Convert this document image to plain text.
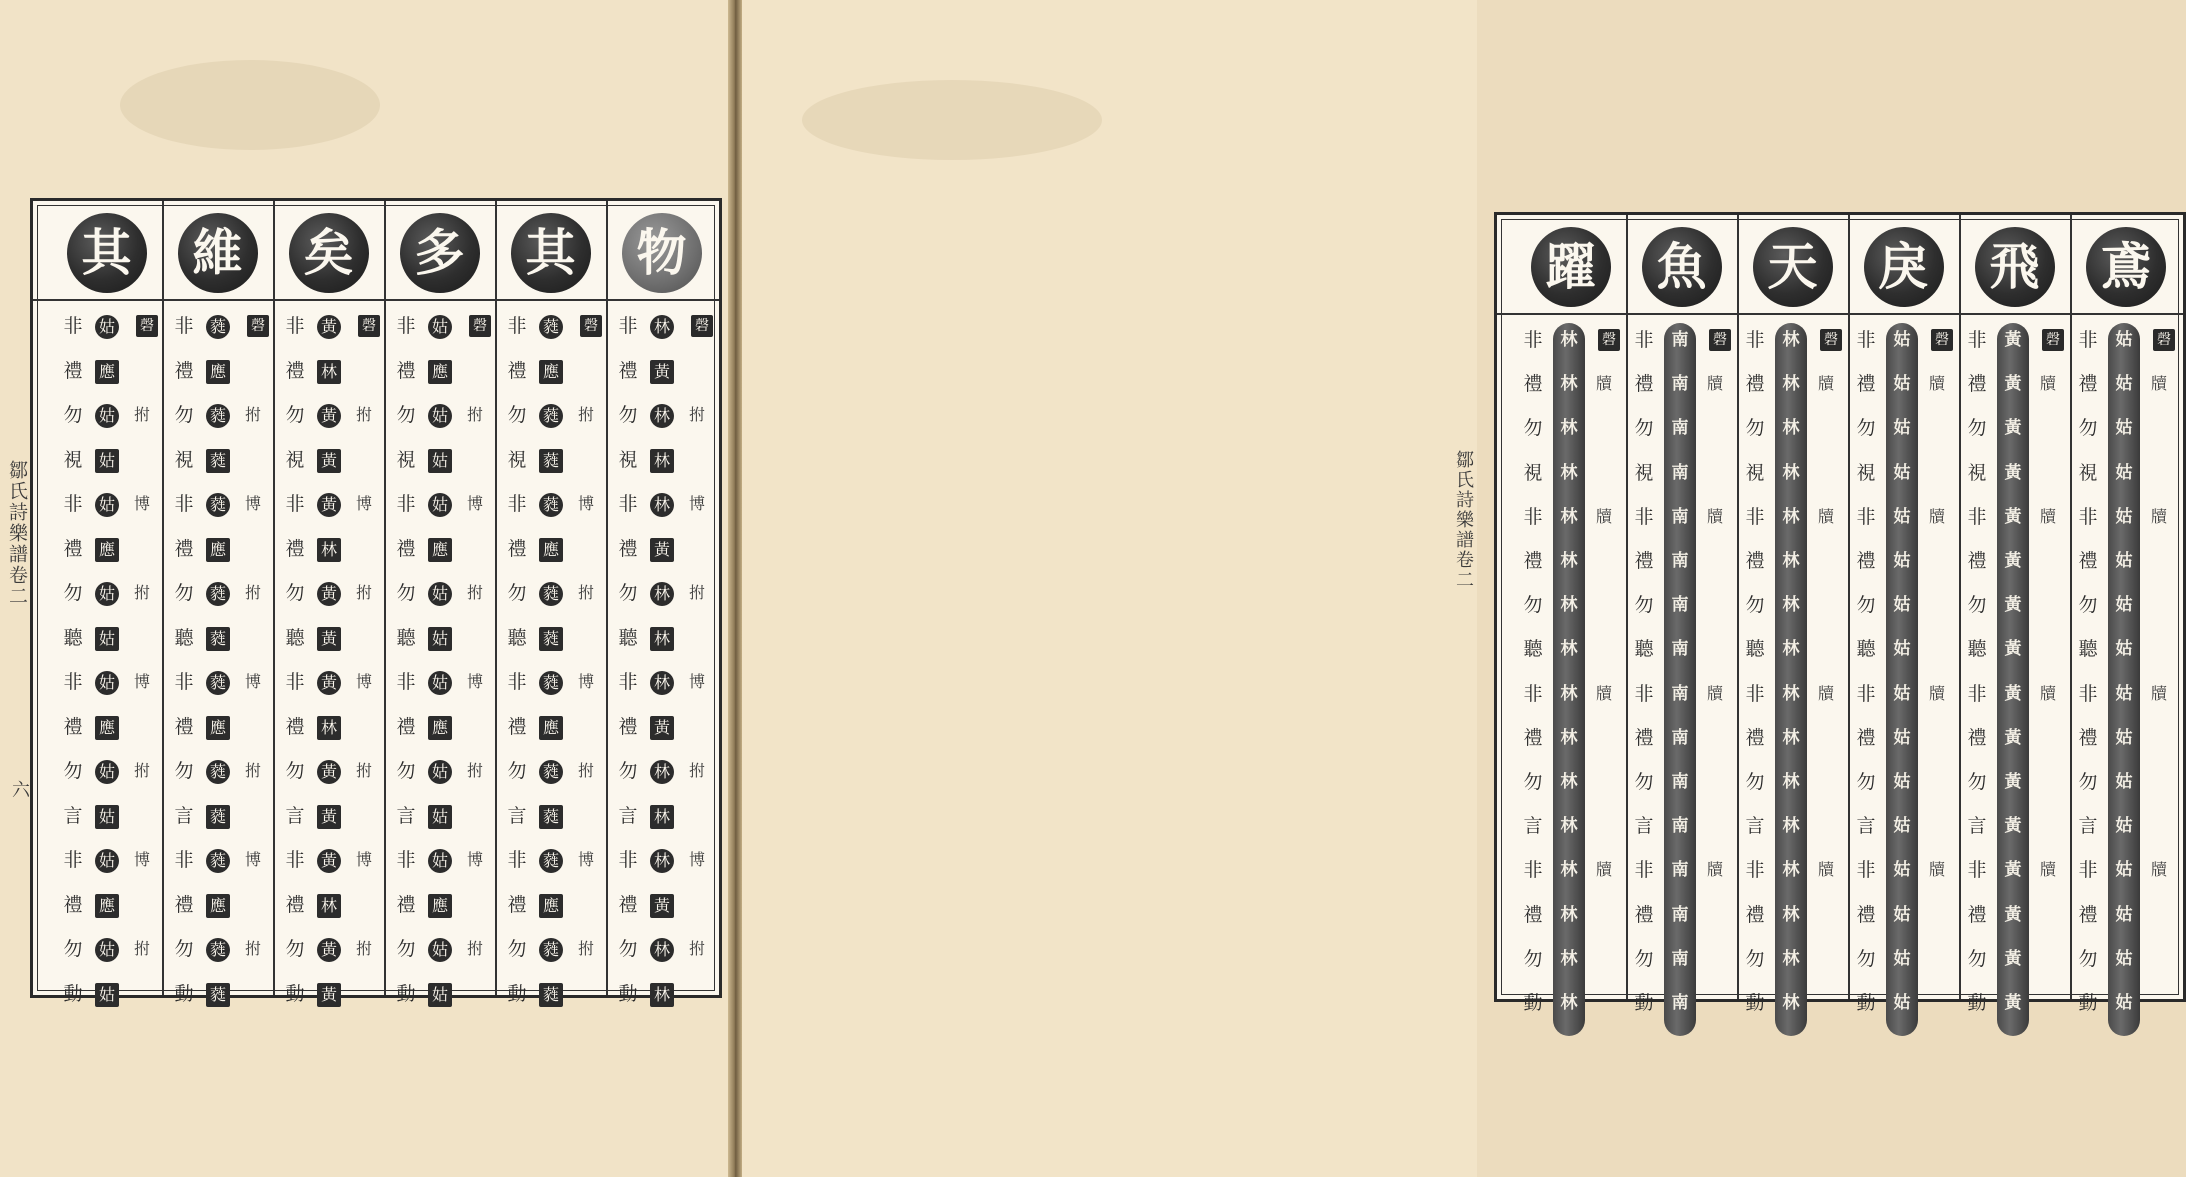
鄒氏詩樂譜卷二
六
物
磬
非
禮
勿
視
非
禮
勿
聽
非
禮
勿
言
非
禮
勿
動
林
黃
林
林
林
黃
林
林
林
黃
林
林
林
黃
林
林
拊
博
拊
博
拊
博
拊
其
磬
非
禮
勿
視
非
禮
勿
聽
非
禮
勿
言
非
禮
勿
動
蕤
應
蕤
蕤
蕤
應
蕤
蕤
蕤
應
蕤
蕤
蕤
應
蕤
蕤
拊
博
拊
博
拊
博
拊
多
磬
非
禮
勿
視
非
禮
勿
聽
非
禮
勿
言
非
禮
勿
動
姑
應
姑
姑
姑
應
姑
姑
姑
應
姑
姑
姑
應
姑
姑
拊
博
拊
博
拊
博
拊
矣
磬
非
禮
勿
視
非
禮
勿
聽
非
禮
勿
言
非
禮
勿
動
黃
林
黃
黃
黃
林
黃
黃
黃
林
黃
黃
黃
林
黃
黃
拊
博
拊
博
拊
博
拊
維
磬
非
禮
勿
視
非
禮
勿
聽
非
禮
勿
言
非
禮
勿
動
蕤
應
蕤
蕤
蕤
應
蕤
蕤
蕤
應
蕤
蕤
蕤
應
蕤
蕤
拊
博
拊
博
拊
博
拊
其
磬
非
禮
勿
視
非
禮
勿
聽
非
禮
勿
言
非
禮
勿
動
姑
應
姑
姑
姑
應
姑
姑
姑
應
姑
姑
姑
應
姑
姑
拊
博
拊
博
拊
博
拊
鄒氏詩樂譜卷二
鳶
磬
非
禮
勿
視
非
禮
勿
聽
非
禮
勿
言
非
禮
勿
動
姑
姑
姑
姑
姑
姑
姑
姑
姑
姑
姑
姑
姑
姑
姑
姑
牘
牘
牘
牘
飛
磬
非
禮
勿
視
非
禮
勿
聽
非
禮
勿
言
非
禮
勿
動
黃
黃
黃
黃
黃
黃
黃
黃
黃
黃
黃
黃
黃
黃
黃
黃
牘
牘
牘
牘
戾
磬
非
禮
勿
視
非
禮
勿
聽
非
禮
勿
言
非
禮
勿
動
姑
姑
姑
姑
姑
姑
姑
姑
姑
姑
姑
姑
姑
姑
姑
姑
牘
牘
牘
牘
天
磬
非
禮
勿
視
非
禮
勿
聽
非
禮
勿
言
非
禮
勿
動
林
林
林
林
林
林
林
林
林
林
林
林
林
林
林
林
牘
牘
牘
牘
魚
磬
非
禮
勿
視
非
禮
勿
聽
非
禮
勿
言
非
禮
勿
動
南
南
南
南
南
南
南
南
南
南
南
南
南
南
南
南
牘
牘
牘
牘
躍
磬
非
禮
勿
視
非
禮
勿
聽
非
禮
勿
言
非
禮
勿
動
林
林
林
林
林
林
林
林
林
林
林
林
林
林
林
林
牘
牘
牘
牘
